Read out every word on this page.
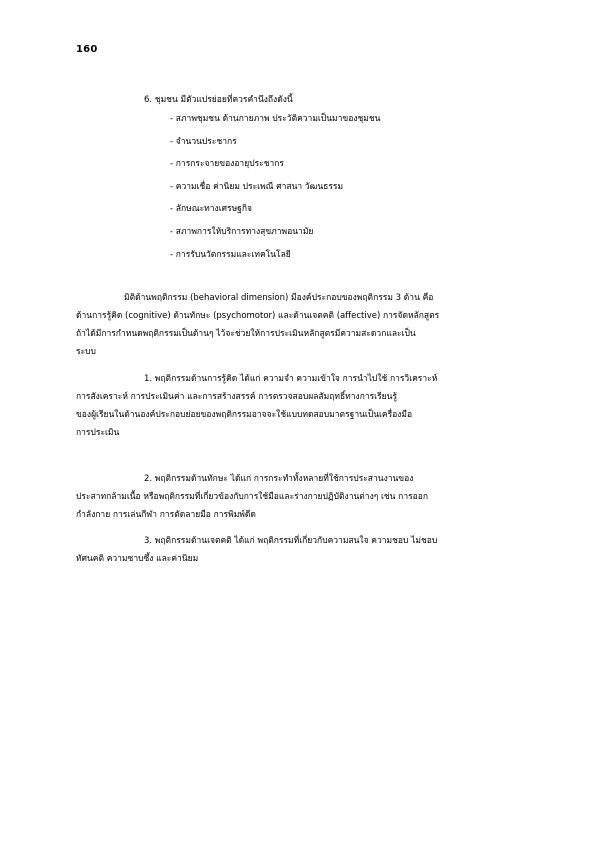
160
6. ชุมชน มีตัวแปรย่อยที่ควรคำนึงถึงดังนี้
- สภาพชุมชน ด้านกายภาพ ประวัติความเป็นมาของชุมชน
- จำนวนประชากร
- การกระจายของอายุประชากร
- ความเชื่อ ค่านิยม ประเพณี ศาสนา วัฒนธรรม
- ลักษณะทางเศรษฐกิจ
- สภาพการให้บริการทางสุขภาพอนามัย
- การรับนวัตกรรมและเทคโนโลยี
มิติด้านพฤติกรรม (behavioral dimension) มีองค์ประกอบของพฤติกรรม 3 ด้าน คือ
ด้านการรู้คิด (cognitive) ด้านทักษะ (psychomotor) และด้านเจตคติ (affective) การจัดหลักสูตร
ถ้าได้มีการกำหนดพฤติกรรมเป็นด้านๆ ไว้จะช่วยให้การประเมินหลักสูตรมีความสะดวกและเป็น
ระบบ
1. พฤติกรรมด้านการรู้คิด ได้แก่ ความจำ ความเข้าใจ การนำไปใช้ การวิเคราะห์
การสังเคราะห์ การประเมินค่า และการสร้างสรรค์ การตรวจสอบผลสัมฤทธิ์ทางการเรียนรู้
ของผู้เรียนในด้านองค์ประกอบย่อยของพฤติกรรมอาจจะใช้แบบทดสอบมาตรฐานเป็นเครื่องมือ
การประเมิน
2. พฤติกรรมด้านทักษะ ได้แก่ การกระทำทั้งหลายที่ใช้การประสานงานของ
ประสาทกล้ามเนื้อ หรือพฤติกรรมที่เกี่ยวข้องกับการใช้มือและร่างกายปฏิบัติงานต่างๆ เช่น การออก
กำลังกาย การเล่นกีฬา การตัดลายมือ การพิมพ์ดีด
3. พฤติกรรมด้านเจตคติ ได้แก่ พฤติกรรมที่เกี่ยวกับความสนใจ ความชอบ ไม่ชอบ
ทัศนคติ ความซาบซึ้ง และค่านิยม
